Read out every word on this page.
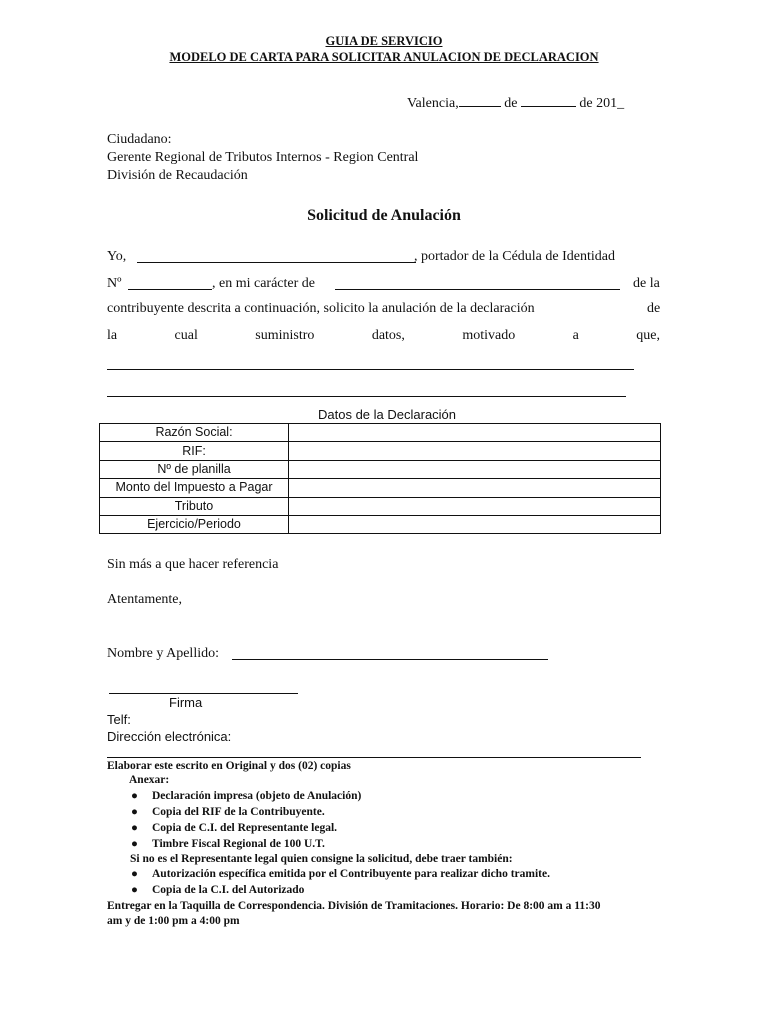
GUIA DE SERVICIO
MODELO DE CARTA PARA SOLICITAR ANULACION DE DECLARACION
Valencia,	de	de 201_
Ciudadano:
Gerente Regional de Tributos Internos - Region Central
División de Recaudación
Solicitud de Anulación
Yo,	, portador de la Cédula de Identidad
Nº	, en mi carácter de	de la
contribuyente descrita a continuación, solicito la anulación de la declaración	de
la	cual	suministro	datos,	motivado	a	que,
Datos de la Declaración
Razón Social:	
RIF:	
Nº de planilla	
Monto del Impuesto a Pagar	
Tributo	
Ejercicio/Periodo	
Sin más a que hacer referencia
Atentamente,
Nombre y Apellido:
Firma
Telf:
Dirección electrónica:
Elaborar este escrito en Original y dos (02) copias
Anexar:
● Declaración impresa (objeto de Anulación)
● Copia del RIF de la Contribuyente.
● Copia de C.I. del Representante legal.
● Timbre Fiscal Regional de 100 U.T.
Si no es el Representante legal quien consigne la solicitud, debe traer también:
● Autorización específica emitida por el Contribuyente para realizar dicho tramite.
● Copia de la C.I. del Autorizado
Entregar en la Taquilla de Correspondencia. División de Tramitaciones. Horario: De 8:00 am a 11:30
am y de 1:00 pm a 4:00 pm
